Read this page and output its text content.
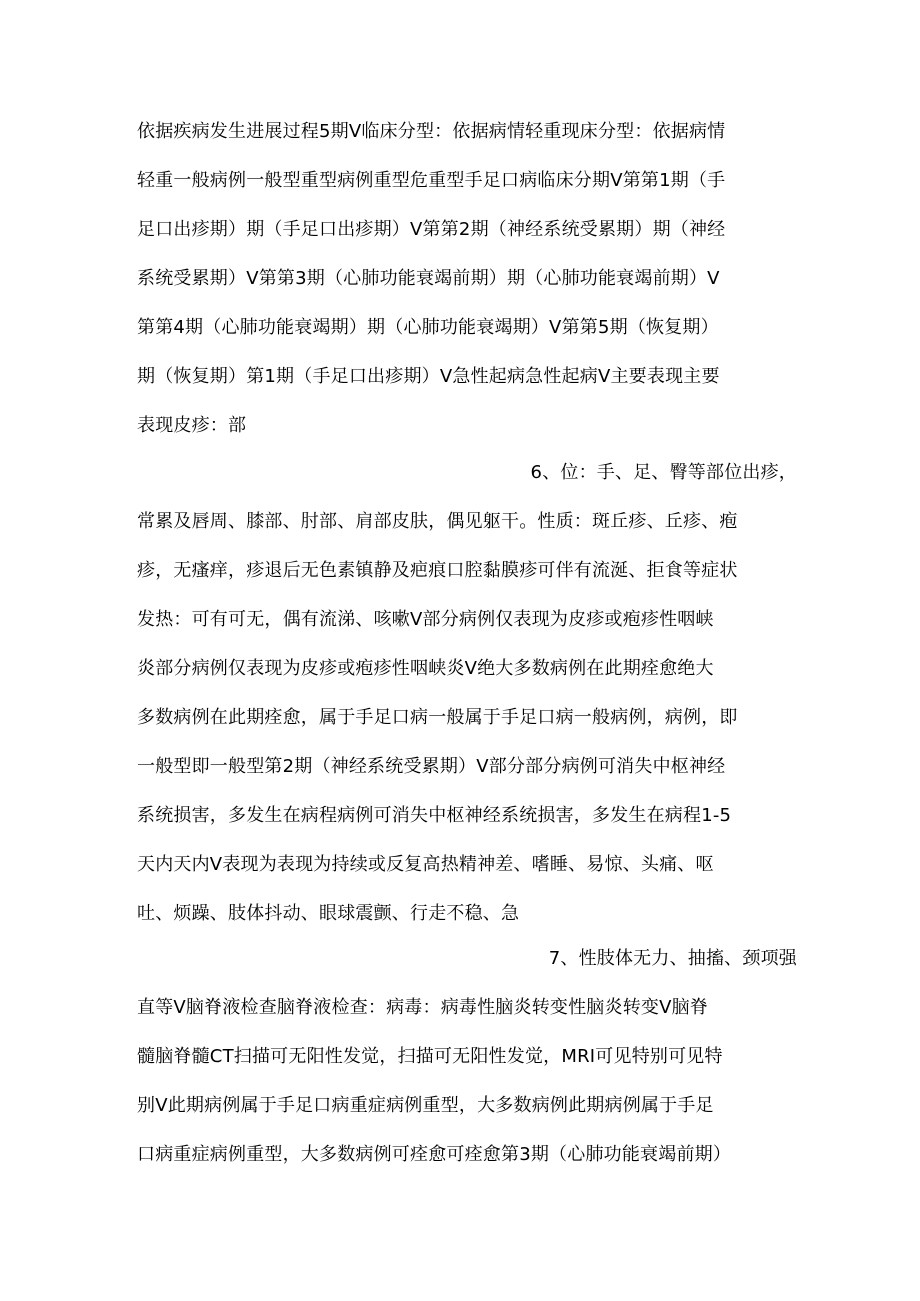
依据疾病发生进展过程5期Ⅴ临床分型：依据病情轻重现床分型：依据病情
轻重一般病例一般型重型病例重型危重型手足口病临床分期Ⅴ第第1期（手
足口出疹期）期（手足口出疹期）Ⅴ第第2期（神经系统受累期）期（神经
系统受累期）Ⅴ第第3期（心肺功能衰竭前期）期（心肺功能衰竭前期）Ⅴ
第第4期（心肺功能衰竭期）期（心肺功能衰竭期）Ⅴ第第5期（恢复期）
期（恢复期）第1期（手足口出疹期）Ⅴ急性起病急性起病Ⅴ主要表现主要
表现皮疹：部
6、位：手、足、臀等部位出疹，
常累及唇周、膝部、肘部、肩部皮肤，偶见躯干。性质：斑丘疹、丘疹、疱
疹，无瘙痒，疹退后无色素镇静及疤痕口腔黏膜疹可伴有流涎、拒食等症状
发热：可有可无，偶有流涕、咳嗽Ⅴ部分病例仅表现为皮疹或疱疹性咽峡
炎部分病例仅表现为皮疹或疱疹性咽峡炎Ⅴ绝大多数病例在此期痊愈绝大
多数病例在此期痊愈，属于手足口病一般属于手足口病一般病例，病例，即
一般型即一般型第2期（神经系统受累期）Ⅴ部分部分病例可消失中枢神经
系统损害，多发生在病程病例可消失中枢神经系统损害，多发生在病程1-5
天内天内Ⅴ表现为表现为持续或反复高热精神差、嗜睡、易惊、头痛、呕
吐、烦躁、肢体抖动、眼球震颤、行走不稳、急
7、性肢体无力、抽搐、颈项强
直等Ⅴ脑脊液检查脑脊液检查：病毒：病毒性脑炎转变性脑炎转变Ⅴ脑脊
髓脑脊髓CT扫描可无阳性发觉，扫描可无阳性发觉，MRI可见特别可见特
别Ⅴ此期病例属于手足口病重症病例重型，大多数病例此期病例属于手足
口病重症病例重型，大多数病例可痊愈可痊愈第3期（心肺功能衰竭前期）
